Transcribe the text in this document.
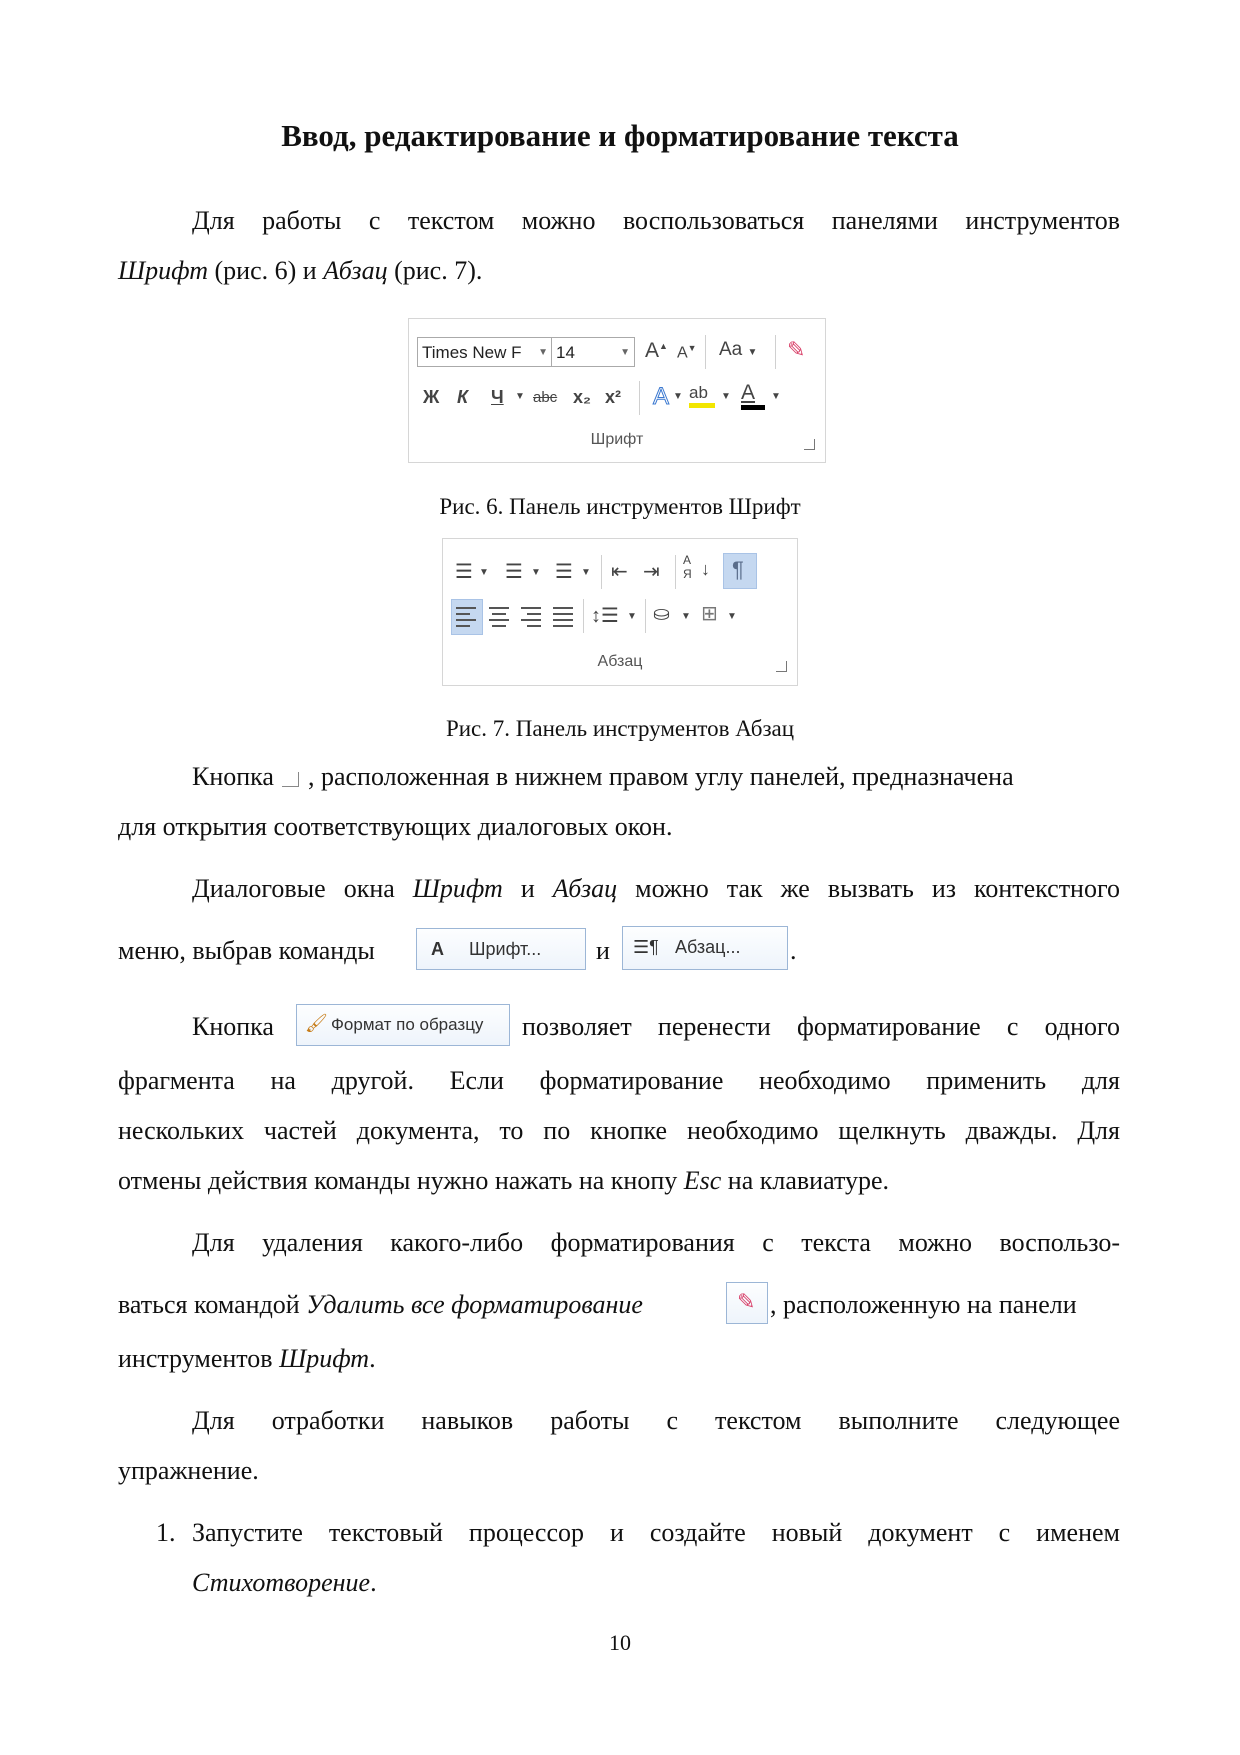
Ввод, редактирование и форматирование текста
Для работы с текстом можно воспользоваться панелями инструментов
Шрифт (рис. 6) и Абзац (рис. 7).
Times New F ▼ 14	▼ A▲ A▼ Aa ▼ ✎
Ж К Ч ▼ abc x₂ x² A ▼ ab	▼ A	▼
Шрифт
Рис. 6. Панель инструментов Шрифт
☰ ▼ ☰ ▼ ☰ ▼ ⇤ ⇥
А Я ↓ ¶
↕☰ ▼ ⛀ ▼ ⊞ ▼
Абзац
Рис. 7. Панель инструментов Абзац
Кнопка  , расположенная в нижнем правом углу панелей, предназначена
для открытия соответствующих диалоговых окон.
Диалоговые окна Шрифт и Абзац можно так же вызвать из контекстного
меню, выбрав команды	A Шрифт... и ☰¶ Абзац... .
Кнопка 🖌 Формат по образцу позволяет перенести форматирование с одного
фрагмента на другой. Если форматирование необходимо применить для
нескольких частей документа, то по кнопке необходимо щелкнуть дважды. Для
отмены действия команды нужно нажать на кнопу Esc на клавиатуре.
Для удаления какого-либо форматирования с текста можно воспользо-
ваться командой Удалить все форматирование	✎ , расположенную на панели
инструментов Шрифт.
Для отработки навыков работы с текстом выполните следующее
упражнение.
1. Запустите текстовый процессор и создайте новый документ с именем
Стихотворение.
10
